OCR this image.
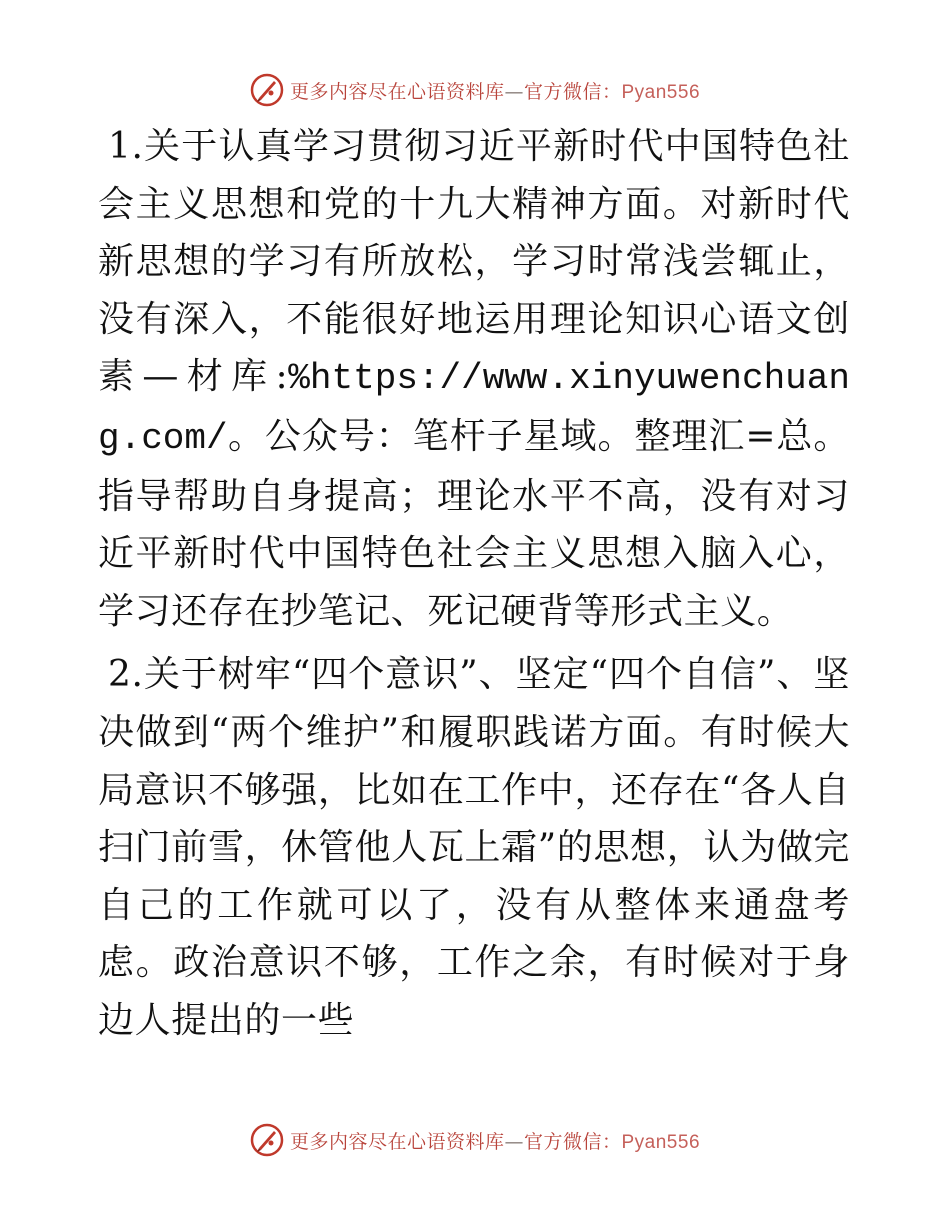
更多内容尽在心语资料库—官方微信：Pyan556

1.关于认真学习贯彻习近平新时代中国特色社会主义思想和党的十九大精神方面。对新时代新思想的学习有所放松，学习时常浅尝辄止，没有深入，不能很好地运用理论知识心语文创素—材库:%https://www.xinyuwenchuang.com/。公众号：笔杆子星域。整理汇=总。指导帮助自身提高；理论水平不高，没有对习近平新时代中国特色社会主义思想入脑入心，学习还存在抄笔记、死记硬背等形式主义。

2.关于树牢“四个意识”、坚定“四个自信”、坚决做到“两个维护”和履职践诺方面。有时候大局意识不够强，比如在工作中，还存在“各人自扫门前雪，休管他人瓦上霜”的思想，认为做完自己的工作就可以了，没有从整体来通盘考虑。政治意识不够，工作之余，有时候对于身边人提出的一些

更多内容尽在心语资料库—官方微信：Pyan556
